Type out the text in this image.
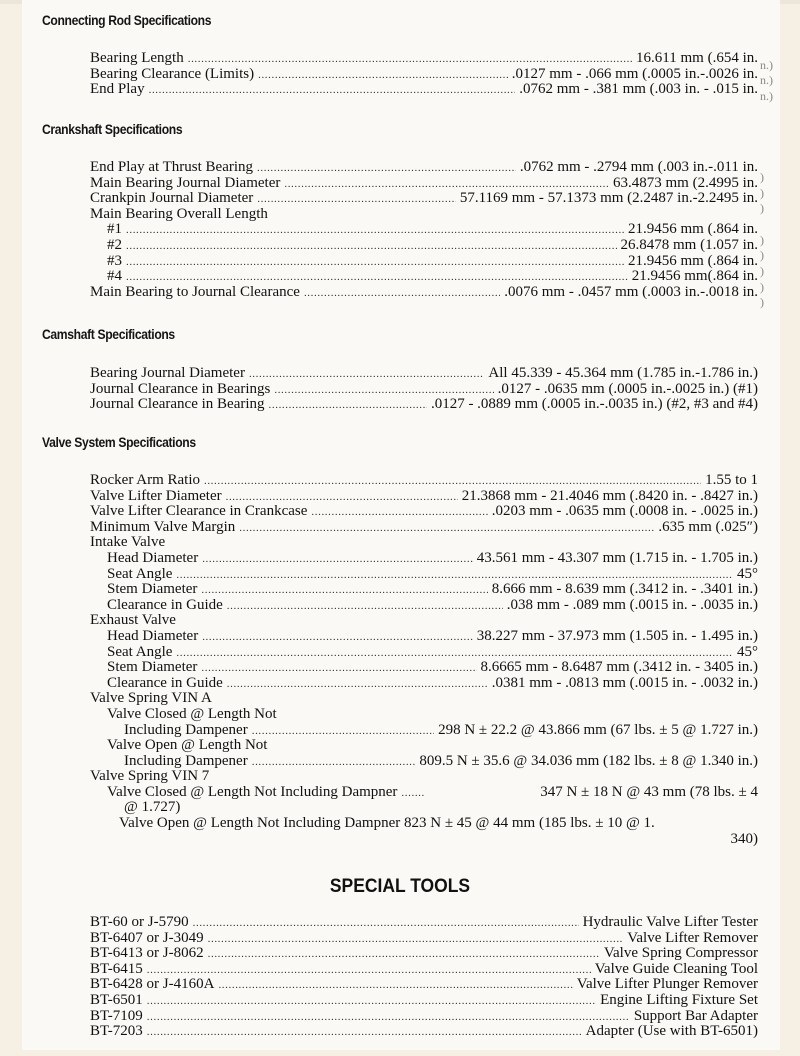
Connecting Rod Specifications
Bearing Length .....	16.611 mm (.654 in.
Bearing Clearance (Limits) .....	.0127 mm - .066 mm (.0005 in.-.0026 in.
End Play .....	.0762 mm - .381 mm (.003 in. - .015 in.
n.)
n.)
n.)
Crankshaft Specifications
End Play at Thrust Bearing .....	.0762 mm - .2794 mm (.003 in.-.011 in.
Main Bearing Journal Diameter .....	63.4873 mm (2.4995 in.
Crankpin Journal Diameter .....	57.1169 mm - 57.1373 mm (2.2487 in.-2.2495 in.
Main Bearing Overall Length
#1 .....	21.9456 mm (.864 in.
#2 .....	26.8478 mm (1.057 in.
#3 .....	21.9456 mm (.864 in.
#4 .....	21.9456 mm(.864 in.
Main Bearing to Journal Clearance .....	.0076 mm - .0457 mm (.0003 in.-.0018 in.
)
)
)
)
)
)
)
)
Camshaft Specifications
Bearing Journal Diameter .....	All 45.339 - 45.364 mm (1.785 in.-1.786 in.)
Journal Clearance in Bearings .....	.0127 - .0635 mm (.0005 in.-.0025 in.) (#1)
Journal Clearance in Bearing .....	.0127 - .0889 mm (.0005 in.-.0035 in.) (#2, #3 and #4)
Valve System Specifications
Rocker Arm Ratio .....	1.55 to 1
Valve Lifter Diameter .....	21.3868 mm - 21.4046 mm (.8420 in. - .8427 in.)
Valve Lifter Clearance in Crankcase .....	.0203 mm - .0635 mm (.0008 in. - .0025 in.)
Minimum Valve Margin .....	.635 mm (.025″)
Intake Valve
Head Diameter .....	43.561 mm - 43.307 mm (1.715 in. - 1.705 in.)
Seat Angle .....	45°
Stem Diameter .....	8.666 mm - 8.639 mm (.3412 in. - .3401 in.)
Clearance in Guide .....	.038 mm - .089 mm (.0015 in. - .0035 in.)
Exhaust Valve
Head Diameter .....	38.227 mm - 37.973 mm (1.505 in. - 1.495 in.)
Seat Angle .....	45°
Stem Diameter .....	8.6665 mm - 8.6487 mm (.3412 in. - 3405 in.)
Clearance in Guide .....	.0381 mm - .0813 mm (.0015 in. - .0032 in.)
Valve Spring VIN A
Valve Closed @ Length Not
Including Dampener .....	298 N ± 22.2 @ 43.866 mm (67 lbs. ± 5 @ 1.727 in.)
Valve Open @ Length Not
Including Dampener .....	809.5 N ± 35.6 @ 34.036 mm (182 lbs. ± 8 @ 1.340 in.)
Valve Spring VIN 7
Valve Closed @ Length Not Including Dampner .....	347 N ± 18 N @ 43 mm (78 lbs. ± 4
@ 1.727)
Valve Open @ Length Not Including Dampner 823 N ± 45 @ 44 mm (185 lbs. ± 10 @ 1.
340)
SPECIAL TOOLS
BT-60 or J-5790 .....	Hydraulic Valve Lifter Tester
BT-6407 or J-3049 .....	Valve Lifter Remover
BT-6413 or J-8062 .....	Valve Spring Compressor
BT-6415 .....	Valve Guide Cleaning Tool
BT-6428 or J-4160A .....	Valve Lifter Plunger Remover
BT-6501 .....	Engine Lifting Fixture Set
BT-7109 .....	Support Bar Adapter
BT-7203 .....	Adapter (Use with BT-6501)
